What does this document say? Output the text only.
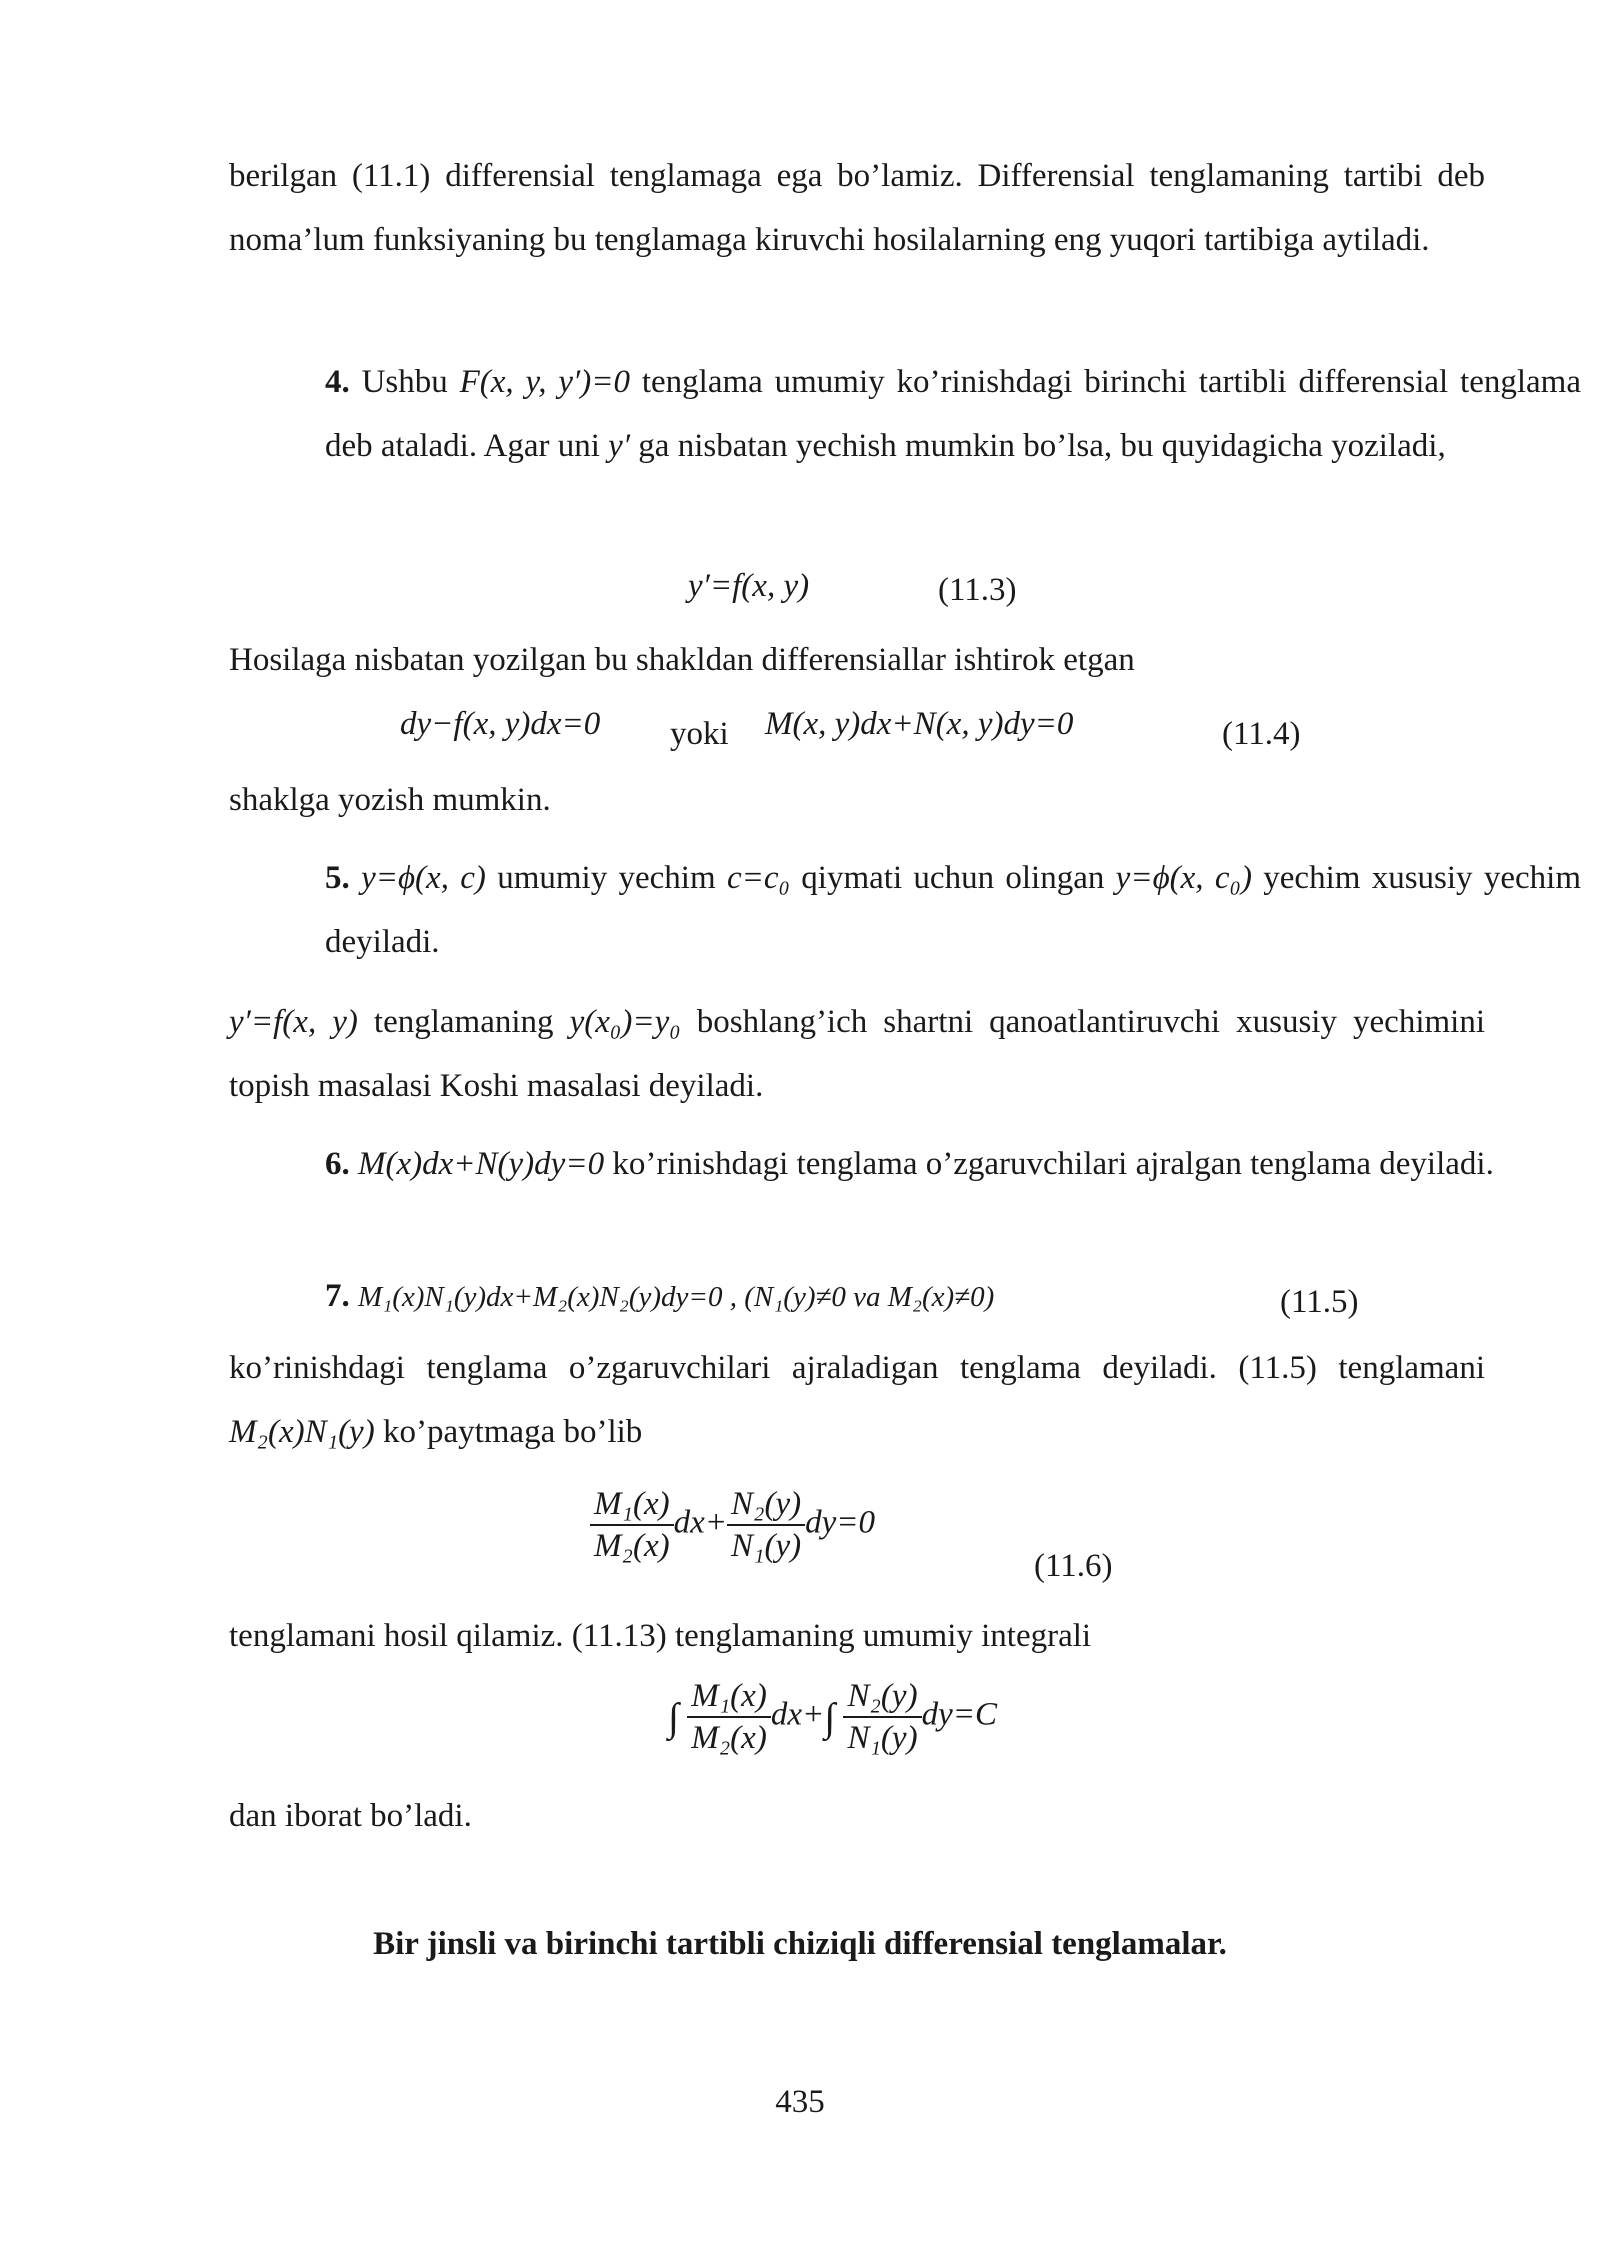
berilgan (11.1) differensial tenglamaga ega bo’lamiz. Differensial tenglamaning tartibi deb noma’lum funksiyaning bu tenglamaga kiruvchi hosilalarning eng yuqori tartibiga aytiladi.

4. Ushbu F(x, y, y′)=0 tenglama umumiy ko’rinishdagi birinchi tartibli differensial tenglama deb ataladi. Agar uni y′ ga nisbatan yechish mumkin bo’lsa, bu quyidagicha yoziladi,

y′=f(x, y)	(11.3)
Hosilaga nisbatan yozilgan bu shakldan differensiallar ishtirok etgan
dy−f(x, y)dx=0 yoki M(x, y)dx+N(x, y)dy=0	(11.4)
shaklga yozish mumkin.

5. y=ϕ(x, c) umumiy yechim c=c₀ qiymati uchun olingan y=ϕ(x, c₀) yechim xususiy yechim deyiladi.

y′=f(x, y) tenglamaning y(x₀)=y₀ boshlang’ich shartni qanoatlantiruvchi xususiy yechimini topish masalasi Koshi masalasi deyiladi.

6. M(x)dx+N(y)dy=0 ko’rinishdagi tenglama o’zgaruvchilari ajralgan tenglama deyiladi.

7. M₁(x)N₁(y)dx+M₂(x)N₂(y)dy=0 , (N₁(y)≠0 va M₂(x)≠0)	(11.5)

ko’rinishdagi tenglama o’zgaruvchilari ajraladigan tenglama deyiladi. (11.5) tenglamani M₂(x)N₁(y) ko’paytmaga bo’lib

$\frac{\text{M₁(x)}}{\text{M₂(x)}} dx+ \frac{\text{N₂(y)}}{\text{N₁(y)}} dy=0$
(11.6)
tenglamani hosil qilamiz. (11.13) tenglamaning umumiy integrali
∫ $\frac{\text{M₁(x)}}{\text{M₂(x)}} dx+\int \frac{\text{N₂(y)}}{\text{N₁(y)}} dy=C$
dan iborat bo’ladi.
Bir jinsli va birinchi tartibli chiziqli differensial tenglamalar.
435
